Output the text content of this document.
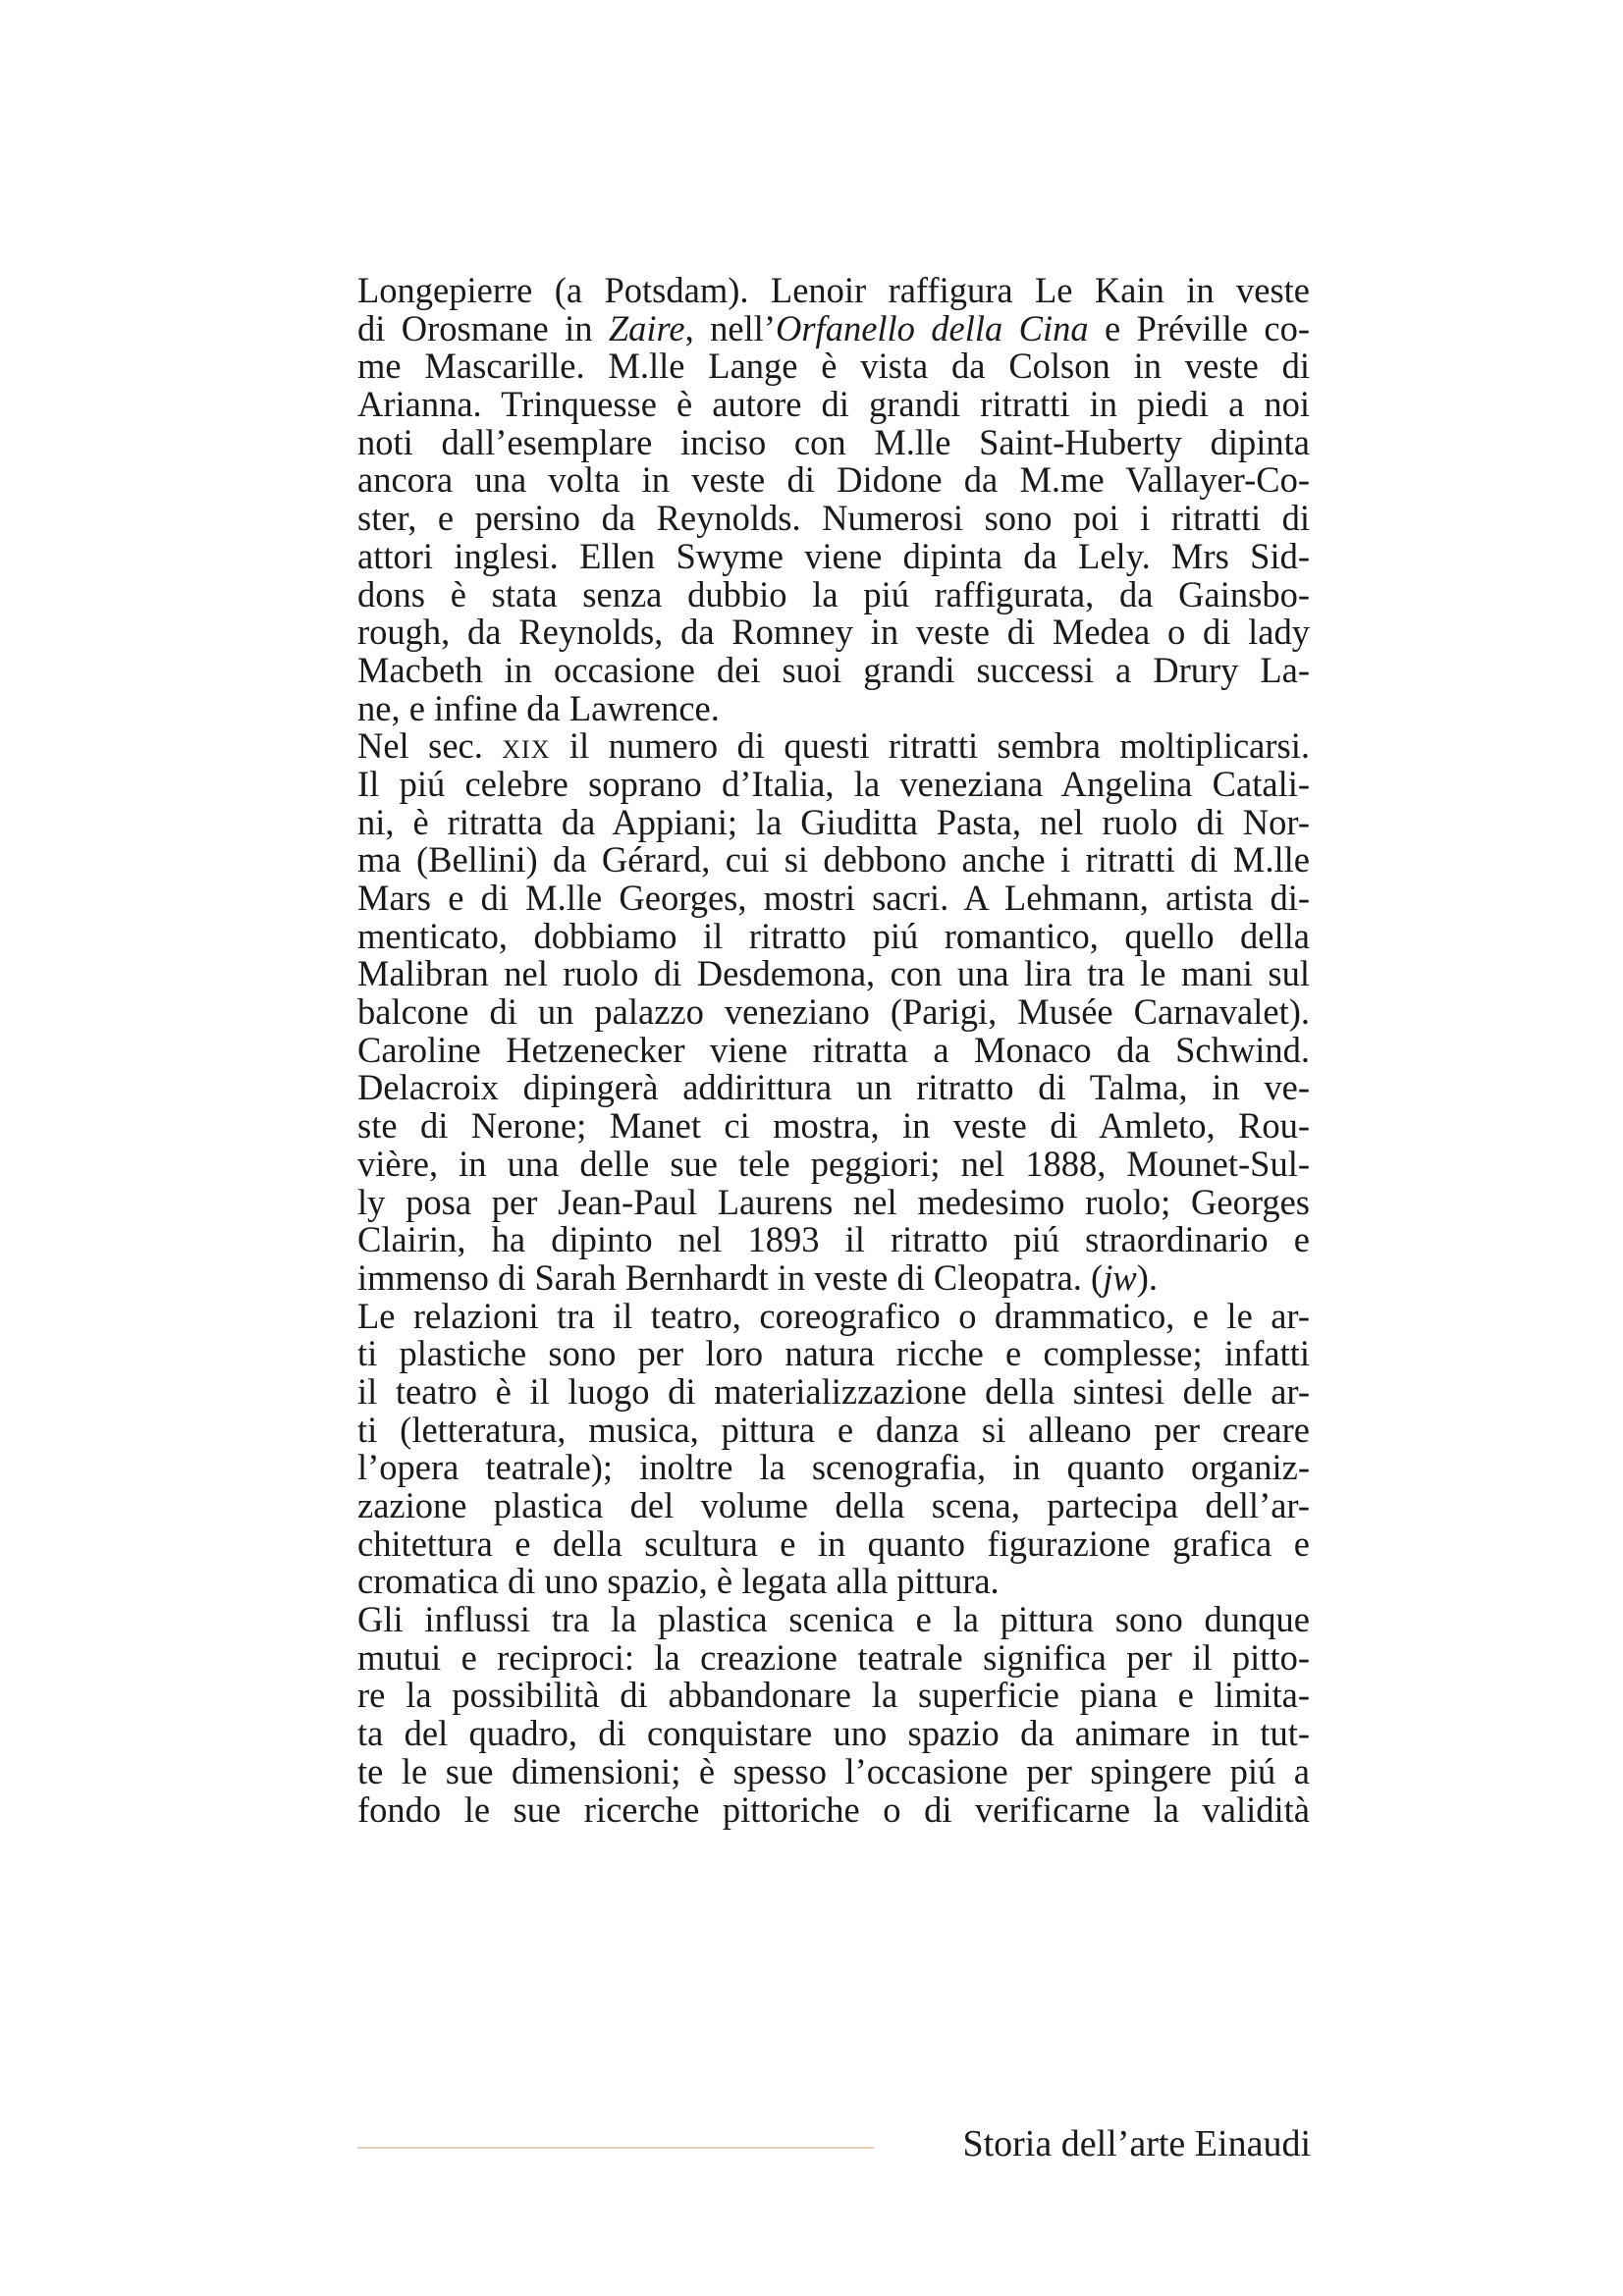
Longepierre (a Potsdam). Lenoir raffigura Le Kain in veste
di Orosmane in Zaire, nell’Orfanello della Cina e Préville co-
me Mascarille. M.lle Lange è vista da Colson in veste di
Arianna. Trinquesse è autore di grandi ritratti in piedi a noi
noti dall’esemplare inciso con M.lle Saint-Huberty dipinta
ancora una volta in veste di Didone da M.me Vallayer-Co-
ster, e persino da Reynolds. Numerosi sono poi i ritratti di
attori inglesi. Ellen Swyme viene dipinta da Lely. Mrs Sid-
dons è stata senza dubbio la piú raffigurata, da Gainsbo-
rough, da Reynolds, da Romney in veste di Medea o di lady
Macbeth in occasione dei suoi grandi successi a Drury La-
ne, e infine da Lawrence.
Nel sec. xix il numero di questi ritratti sembra moltiplicarsi.
Il piú celebre soprano d’Italia, la veneziana Angelina Catali-
ni, è ritratta da Appiani; la Giuditta Pasta, nel ruolo di Nor-
ma (Bellini) da Gérard, cui si debbono anche i ritratti di M.lle
Mars e di M.lle Georges, mostri sacri. A Lehmann, artista di-
menticato, dobbiamo il ritratto piú romantico, quello della
Malibran nel ruolo di Desdemona, con una lira tra le mani sul
balcone di un palazzo veneziano (Parigi, Musée Carnavalet).
Caroline Hetzenecker viene ritratta a Monaco da Schwind.
Delacroix dipingerà addirittura un ritratto di Talma, in ve-
ste di Nerone; Manet ci mostra, in veste di Amleto, Rou-
vière, in una delle sue tele peggiori; nel 1888, Mounet-Sul-
ly posa per Jean-Paul Laurens nel medesimo ruolo; Georges
Clairin, ha dipinto nel 1893 il ritratto piú straordinario e
immenso di Sarah Bernhardt in veste di Cleopatra. (jw).
Le relazioni tra il teatro, coreografico o drammatico, e le ar-
ti plastiche sono per loro natura ricche e complesse; infatti
il teatro è il luogo di materializzazione della sintesi delle ar-
ti (letteratura, musica, pittura e danza si alleano per creare
l’opera teatrale); inoltre la scenografia, in quanto organiz-
zazione plastica del volume della scena, partecipa dell’ar-
chitettura e della scultura e in quanto figurazione grafica e
cromatica di uno spazio, è legata alla pittura.
Gli influssi tra la plastica scenica e la pittura sono dunque
mutui e reciproci: la creazione teatrale significa per il pitto-
re la possibilità di abbandonare la superficie piana e limita-
ta del quadro, di conquistare uno spazio da animare in tut-
te le sue dimensioni; è spesso l’occasione per spingere piú a
fondo le sue ricerche pittoriche o di verificarne la validità
Storia dell’arte Einaudi
